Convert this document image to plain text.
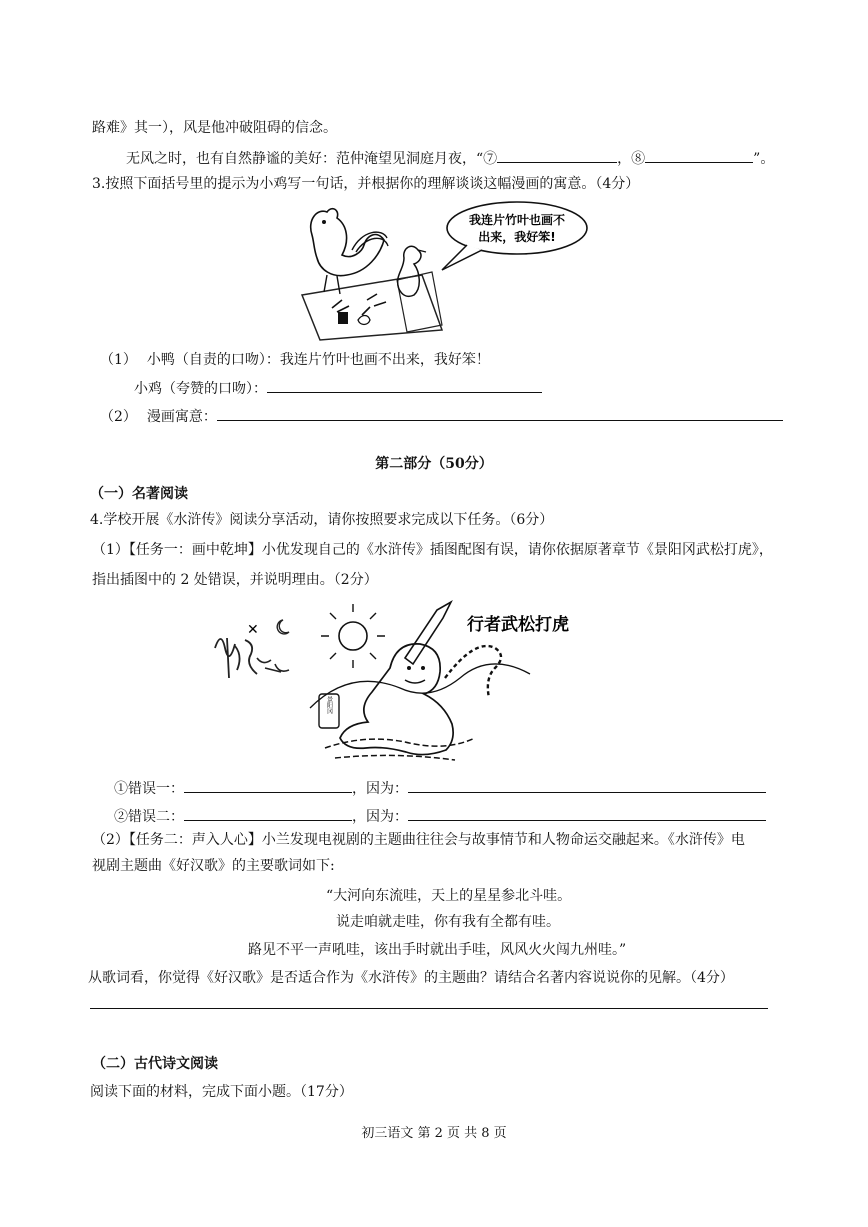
路难》其一），风是他冲破阻碍的信念。
无风之时，也有自然静谧的美好：范仲淹望见洞庭月夜，“⑦	，⑧	”。
3.按照下面括号里的提示为小鸡写一句话，并根据你的理解谈谈这幅漫画的寓意。（4分）
我连片竹叶也画不
出来，我好笨!
（1） 小鸭（自责的口吻）：我连片竹叶也画不出来，我好笨！
小鸡（夸赞的口吻）：
（2） 漫画寓意：
第二部分（50分）
（一）名著阅读
4.学校开展《水浒传》阅读分享活动，请你按照要求完成以下任务。（6分）
（1）【任务一：画中乾坤】小优发现自己的《水浒传》插图配图有误，请你依据原著章节《景阳冈武松打虎》，
指出插图中的 2 处错误，并说明理由。（2分）
✕
景阳冈
行者武松打虎
①错误一：	，因为：
②错误二：	，因为：
（2）【任务二：声入人心】小兰发现电视剧的主题曲往往会与故事情节和人物命运交融起来。《水浒传》电
视剧主题曲《好汉歌》的主要歌词如下:
“大河向东流哇，天上的星星参北斗哇。
说走咱就走哇，你有我有全都有哇。
路见不平一声吼哇，该出手时就出手哇，风风火火闯九州哇。”
从歌词看，你觉得《好汉歌》是否适合作为《水浒传》的主题曲？请结合名著内容说说你的见解。（4分）
（二）古代诗文阅读
阅读下面的材料，完成下面小题。（17分）
初三语文 第 2 页 共 8 页
